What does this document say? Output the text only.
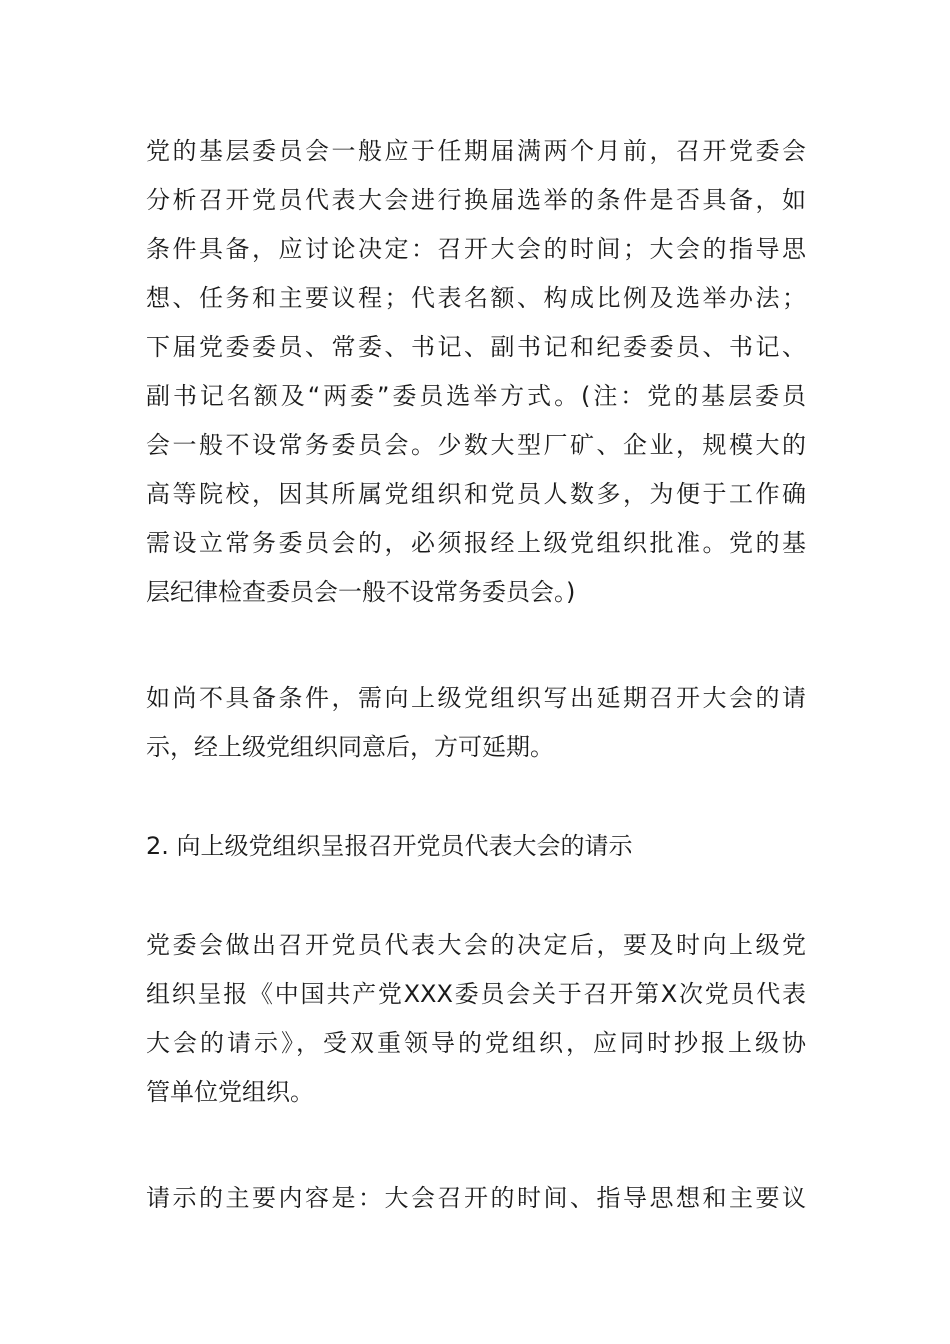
党的基层委员会一般应于任期届满两个月前，召开党委会
分析召开党员代表大会进行换届选举的条件是否具备，如
条件具备，应讨论决定：召开大会的时间；大会的指导思
想、任务和主要议程；代表名额、构成比例及选举办法；
下届党委委员、常委、书记、副书记和纪委委员、书记、
副书记名额及“两委”委员选举方式。(注：党的基层委员
会一般不设常务委员会。少数大型厂矿、企业，规模大的
高等院校，因其所属党组织和党员人数多，为便于工作确
需设立常务委员会的，必须报经上级党组织批准。党的基
层纪律检查委员会一般不设常务委员会。)
如尚不具备条件，需向上级党组织写出延期召开大会的请
示，经上级党组织同意后，方可延期。
2. 向上级党组织呈报召开党员代表大会的请示
党委会做出召开党员代表大会的决定后，要及时向上级党
组织呈报《中国共产党XXX委员会关于召开第X次党员代表
大会的请示》，受双重领导的党组织，应同时抄报上级协
管单位党组织。
请示的主要内容是：大会召开的时间、指导思想和主要议
